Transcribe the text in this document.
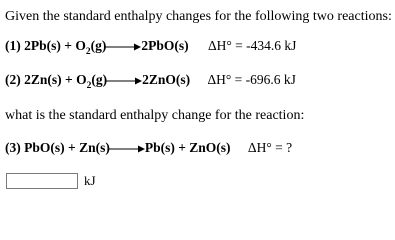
Given the standard enthalpy changes for the following two reactions:
(1) $2Pb(s) + O_2(g)\to 2PbO(s) \Delta H^\circ = -434.6$ kJ
(2) $2Zn(s) + O_2(g)\to 2ZnO(s) \Delta H^\circ = -696.6$ kJ
what is the standard enthalpy change for the reaction:
(3) PbO(s) + Zn(s)→Pb(s) + ZnO(s) ΔH° = ?
kJ
